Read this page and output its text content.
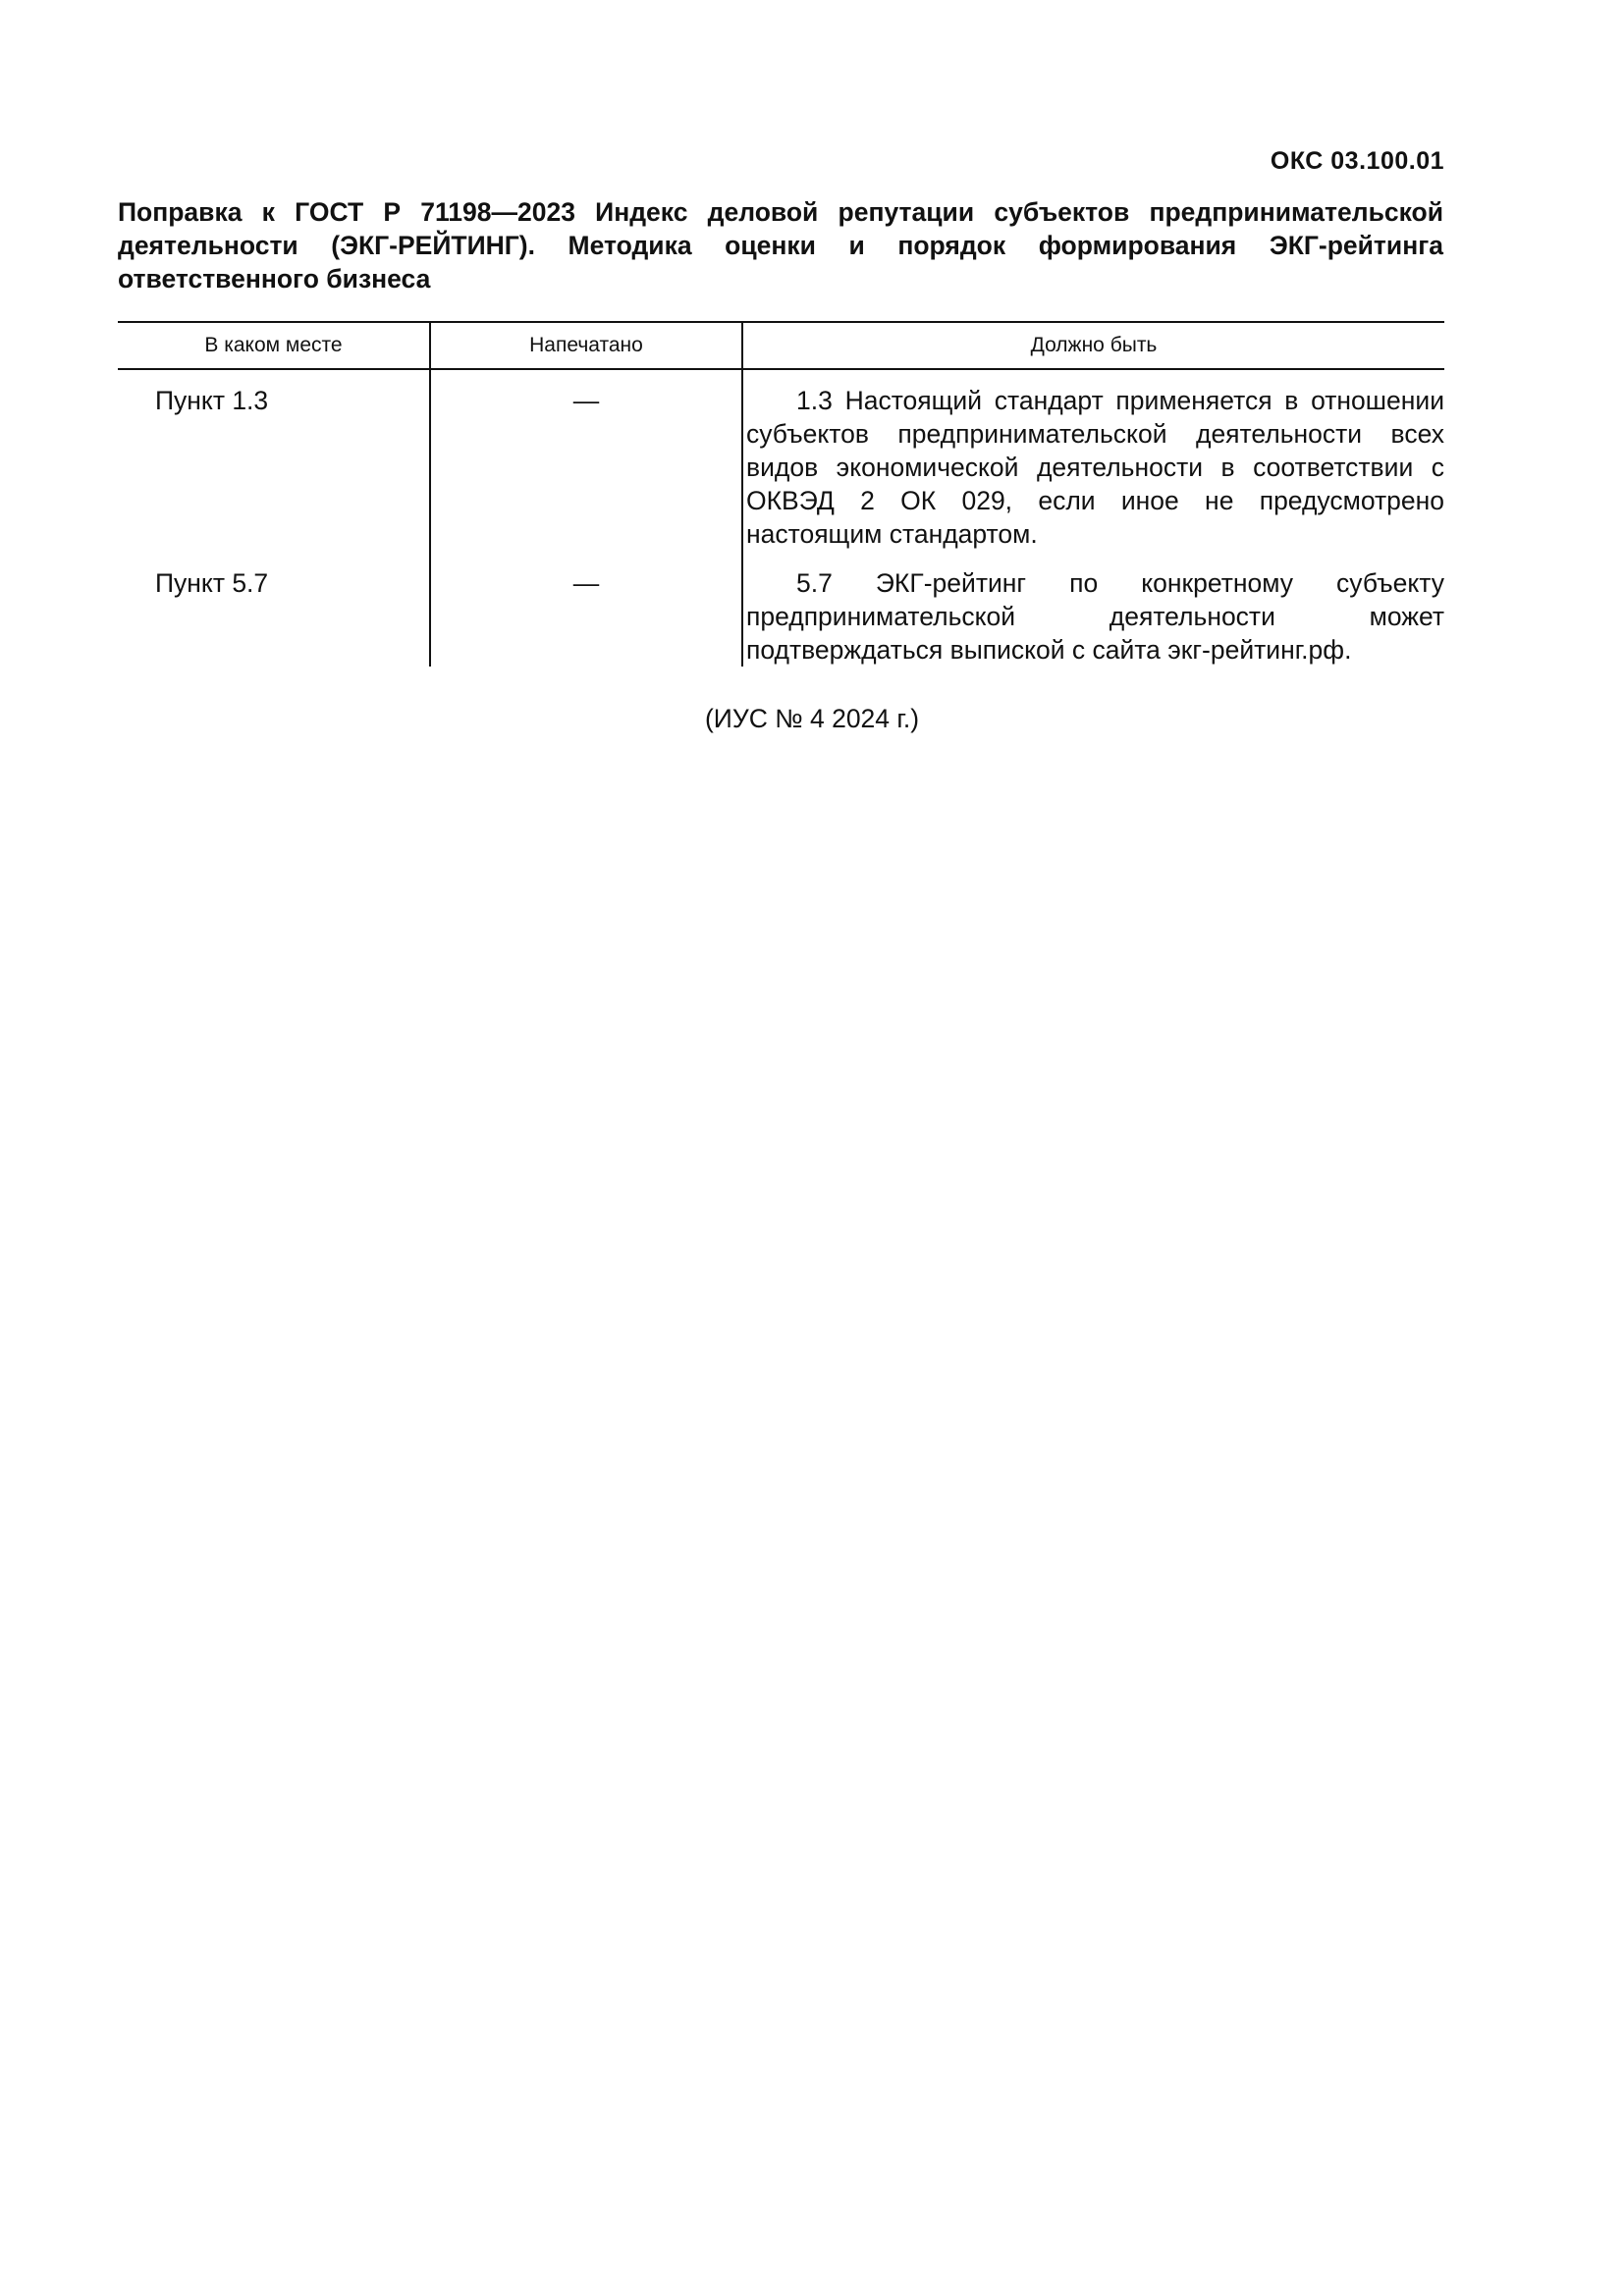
ОКС 03.100.01
Поправка к ГОСТ Р 71198—2023 Индекс деловой репутации субъектов предпринимательской деятельности (ЭКГ-РЕЙТИНГ). Методика оценки и порядок формирования ЭКГ-рейтинга ответственного бизнеса
В каком месте	Напечатано	Должно быть
Пункт 1.3	—	1.3 Настоящий стандарт применяется в отношении субъектов предпринимательской деятельности всех видов экономической деятельности в соответствии с ОКВЭД 2 ОК 029, если иное не предусмотрено настоящим стандартом.

Пункт 5.7	—	5.7 ЭКГ-рейтинг по конкретному субъекту предпринимательской деятельности может подтверждаться выпиской с сайта экг-рейтинг.рф.
(ИУС № 4 2024 г.)
